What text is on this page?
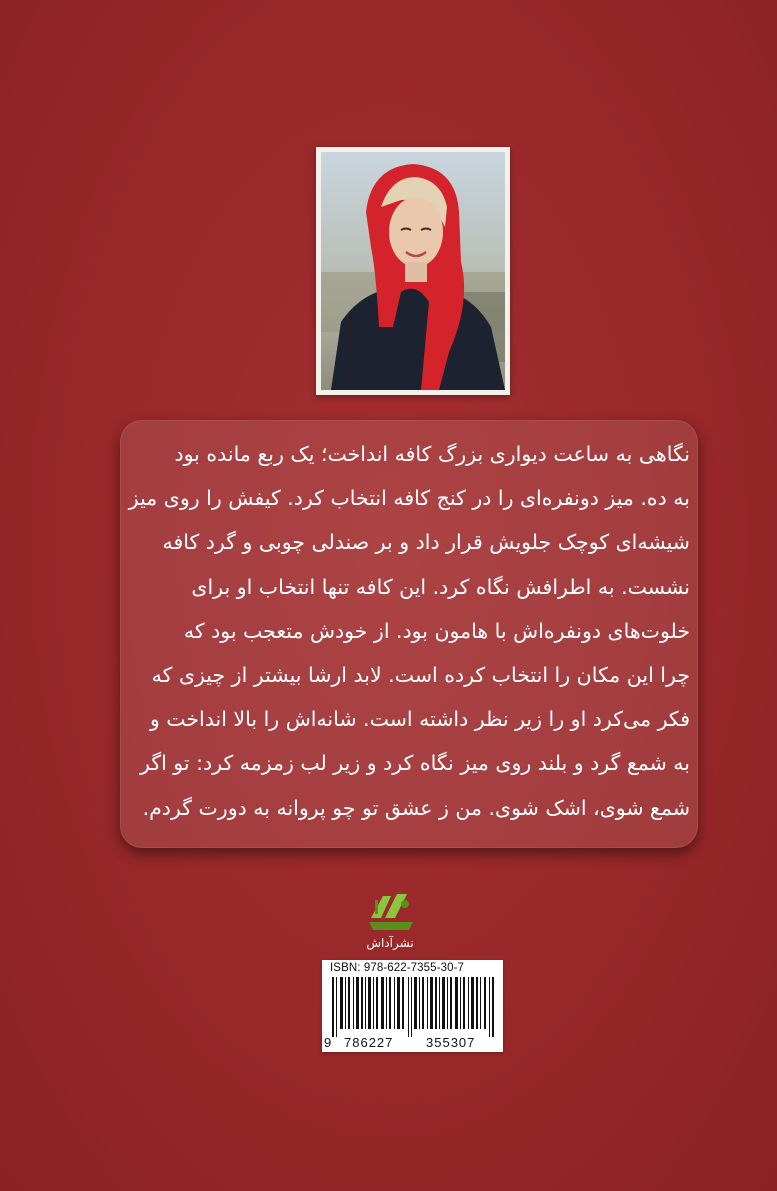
مهدیه احمدی
نگاهی به ساعت دیواری بزرگ کافه انداخت؛ یک ربع مانده بود
به ده. میز دونفره‌ای را در کنج کافه انتخاب کرد. کیفش را روی میز
شیشه‌ای کوچک جلویش قرار داد و بر صندلی چوبی و گرد کافه
نشست. به اطرافش نگاه کرد. این کافه تنها انتخاب او برای
خلوت‌های دونفره‌اش با هامون بود. از خودش متعجب بود که
چرا این مکان را انتخاب کرده است. لابد ارشا بیشتر از چیزی که
فکر می‌کرد او را زیر نظر داشته است. شانه‌اش را بالا انداخت و
به شمع گرد و بلند روی میز نگاه کرد و زیر لب زمزمه کرد: تو اگر
شمع شوی، اشک شوی. من ز عشق تو چو پروانه به دورت گردم.
نشرآداش
ISBN: 978-622-7355-30-7
9 786227	355307
